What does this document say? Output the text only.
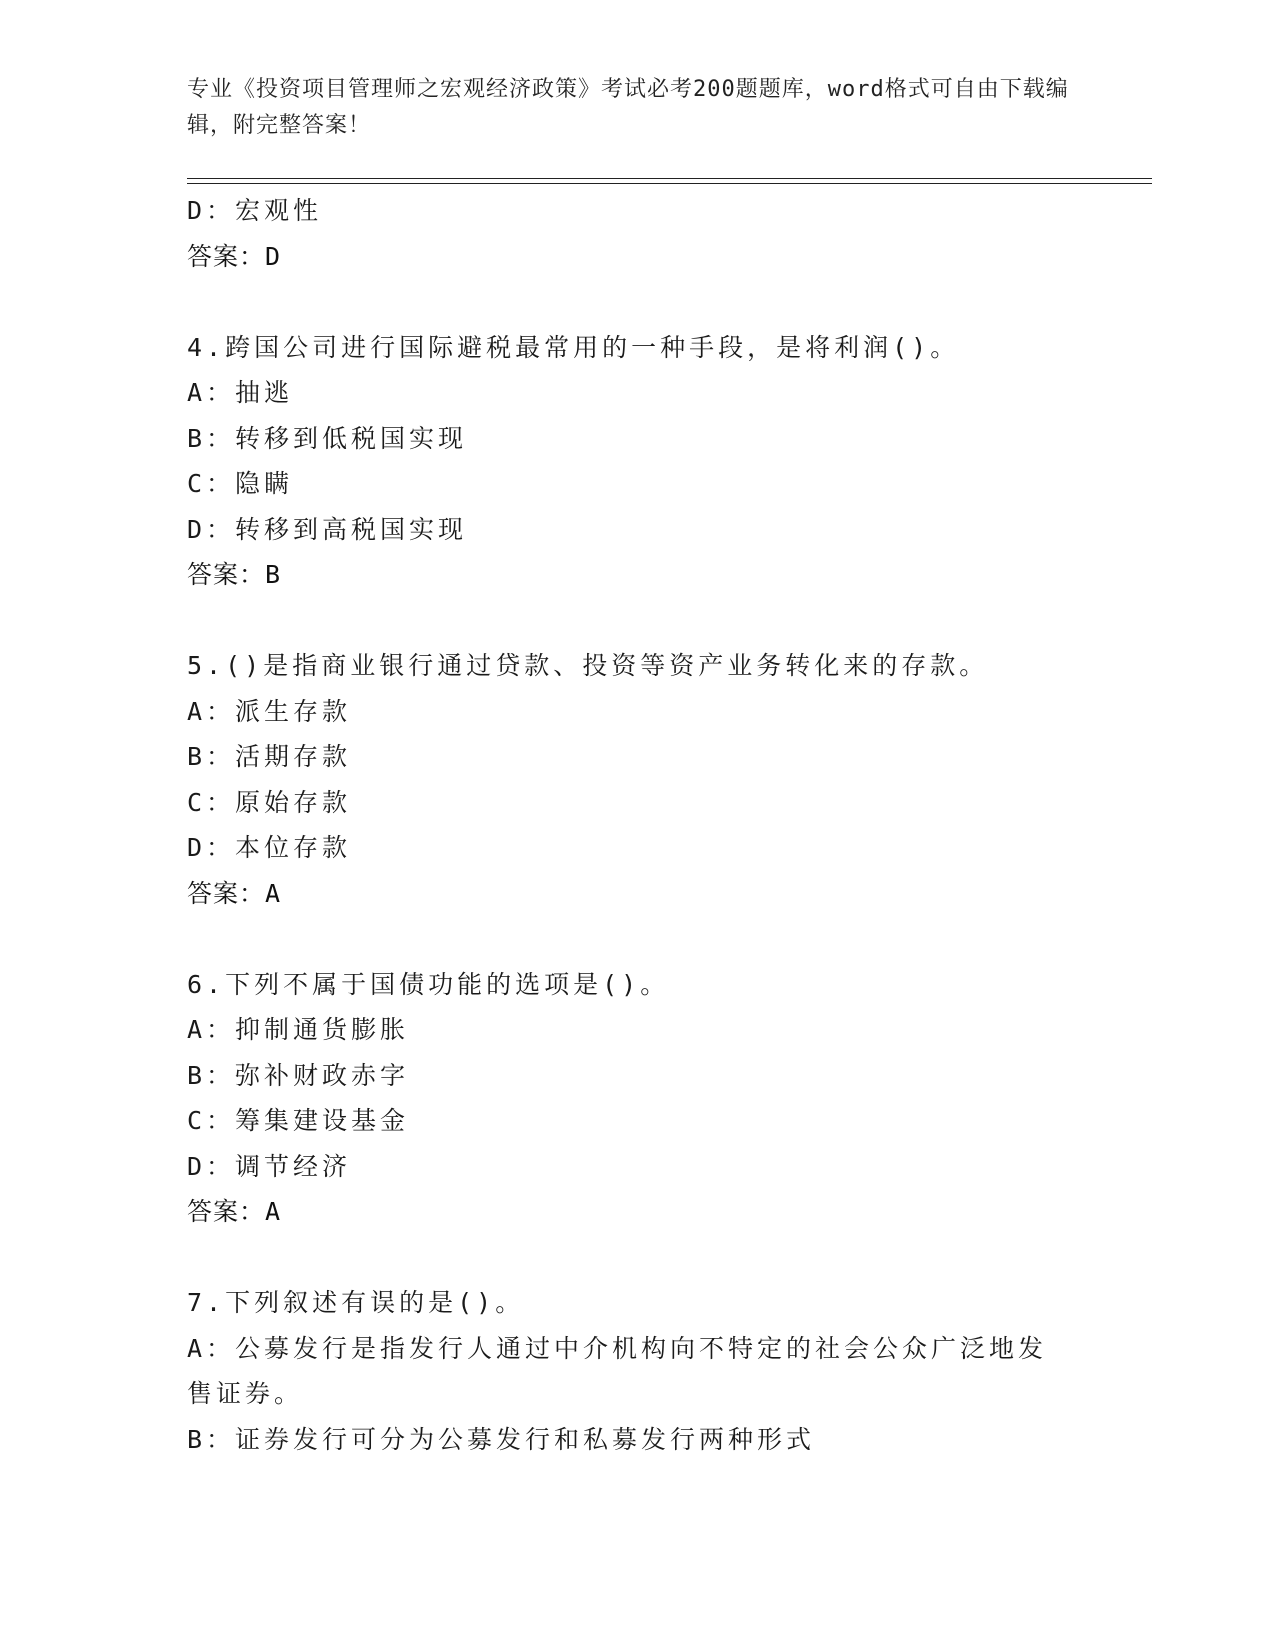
专业《投资项目管理师之宏观经济政策》考试必考200题题库，word格式可自由下载编辑，附完整答案！
D：宏观性
答案：D
4.跨国公司进行国际避税最常用的一种手段，是将利润()。
A：抽逃
B：转移到低税国实现
C：隐瞒
D：转移到高税国实现
答案：B
5.()是指商业银行通过贷款、投资等资产业务转化来的存款。
A：派生存款
B：活期存款
C：原始存款
D：本位存款
答案：A
6.下列不属于国债功能的选项是()。
A：抑制通货膨胀
B：弥补财政赤字
C：筹集建设基金
D：调节经济
答案：A
7.下列叙述有误的是()。
A：公募发行是指发行人通过中介机构向不特定的社会公众广泛地发售证券。
B：证券发行可分为公募发行和私募发行两种形式
